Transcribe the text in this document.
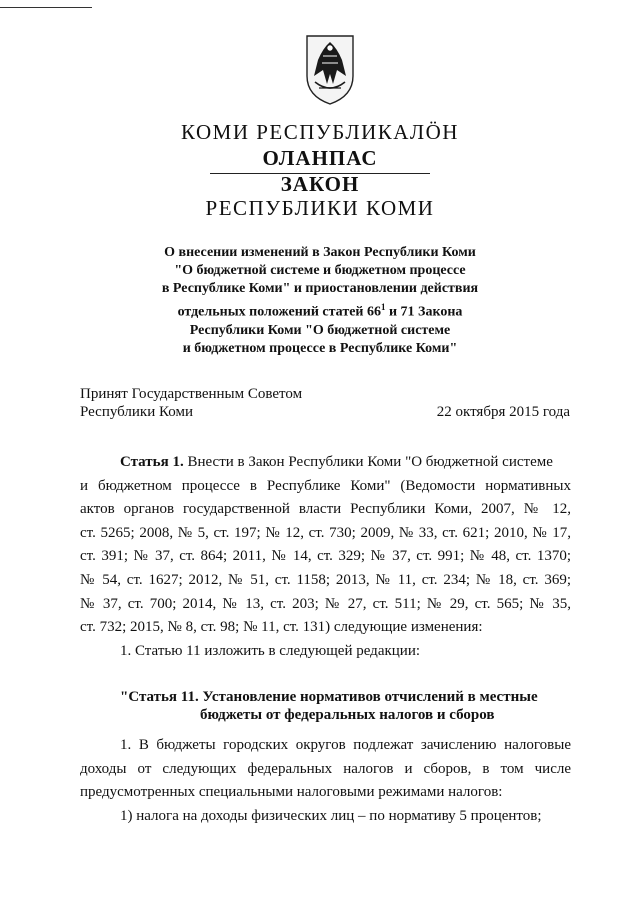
КОМИ РЕСПУБЛИКАЛӦН
ОЛАНПАС
ЗАКОН
РЕСПУБЛИКИ КОМИ
О внесении изменений в Закон Республики Коми
"О бюджетной системе и бюджетном процессе
в Республике Коми" и приостановлении действия
отдельных положений статей $66^1$ и 71 Закона
Республики Коми "О бюджетной системе
и бюджетном процессе в Республике Коми"
Принят Государственным Советом
Республики Коми	22 октября 2015 года
Статья 1. Внести в Закон Республики Коми "О бюджетной системе
и бюджетном процессе в Республике Коми" (Ведомости нормативных
актов органов государственной власти Республики Коми, 2007, № 12,
ст. 5265; 2008, № 5, ст. 197; № 12, ст. 730; 2009, № 33, ст. 621; 2010, № 17,
ст. 391; № 37, ст. 864; 2011, № 14, ст. 329; № 37, ст. 991; № 48, ст. 1370;
№ 54, ст. 1627; 2012, № 51, ст. 1158; 2013, № 11, ст. 234; № 18, ст. 369;
№ 37, ст. 700; 2014, № 13, ст. 203; № 27, ст. 511; № 29, ст. 565; № 35,
ст. 732; 2015, № 8, ст. 98; № 11, ст. 131) следующие изменения:
1. Статью 11 изложить в следующей редакции:
"Статья 11. Установление нормативов отчислений в местные
бюджеты от федеральных налогов и сборов
1. В бюджеты городских округов подлежат зачислению налоговые
доходы от следующих федеральных налогов и сборов, в том числе
предусмотренных специальными налоговыми режимами налогов:
1) налога на доходы физических лиц – по нормативу 5 процентов;
